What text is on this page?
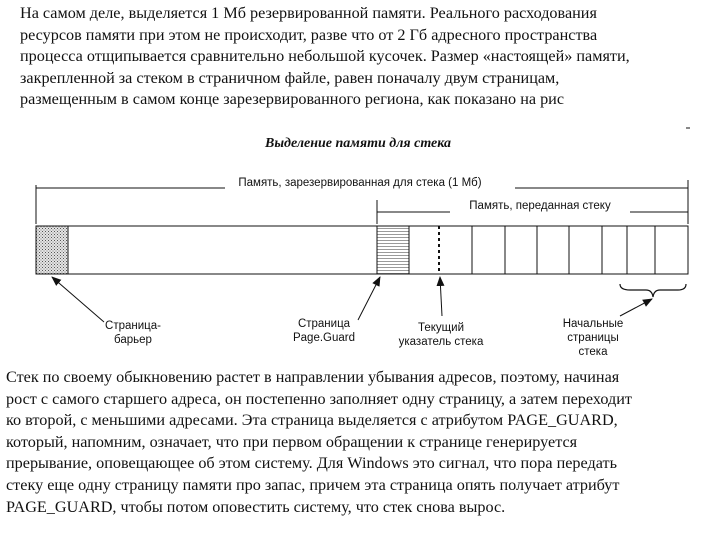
На самом деле, выделяется 1 Мб резервированной памяти. Реального расходования
ресурсов памяти при этом не происходит, разве что от 2 Гб адресного пространства
процесса отщипывается сравнительно небольшой кусочек. Размер «настоящей» памяти,
закрепленной за стеком в страничном файле, равен поначалу двум страницам,
размещенным в самом конце зарезервированного региона, как показано на рис
Выделение памяти для стека
Память, зарезервированная для стека (1 Мб)
Память, переданная стеку
Страница-
барьер
Страница
Page.Guard
Текущий
указатель стека
Начальные
страницы
стека
Стек по своему обыкновению растет в направлении убывания адресов, поэтому, начиная
рост с самого старшего адреса, он постепенно заполняет одну страницу, а затем переходит
ко второй, с меньшими адресами. Эта страница выделяется с атрибутом PAGE_GUARD,
который, напомним, означает, что при первом обращении к странице генерируется
прерывание, оповещающее об этом систему. Для Windows это сигнал, что пора передать
стеку еще одну страницу памяти про запас, причем эта страница опять получает атрибут
PAGE_GUARD, чтобы потом оповестить систему, что стек снова вырос.
